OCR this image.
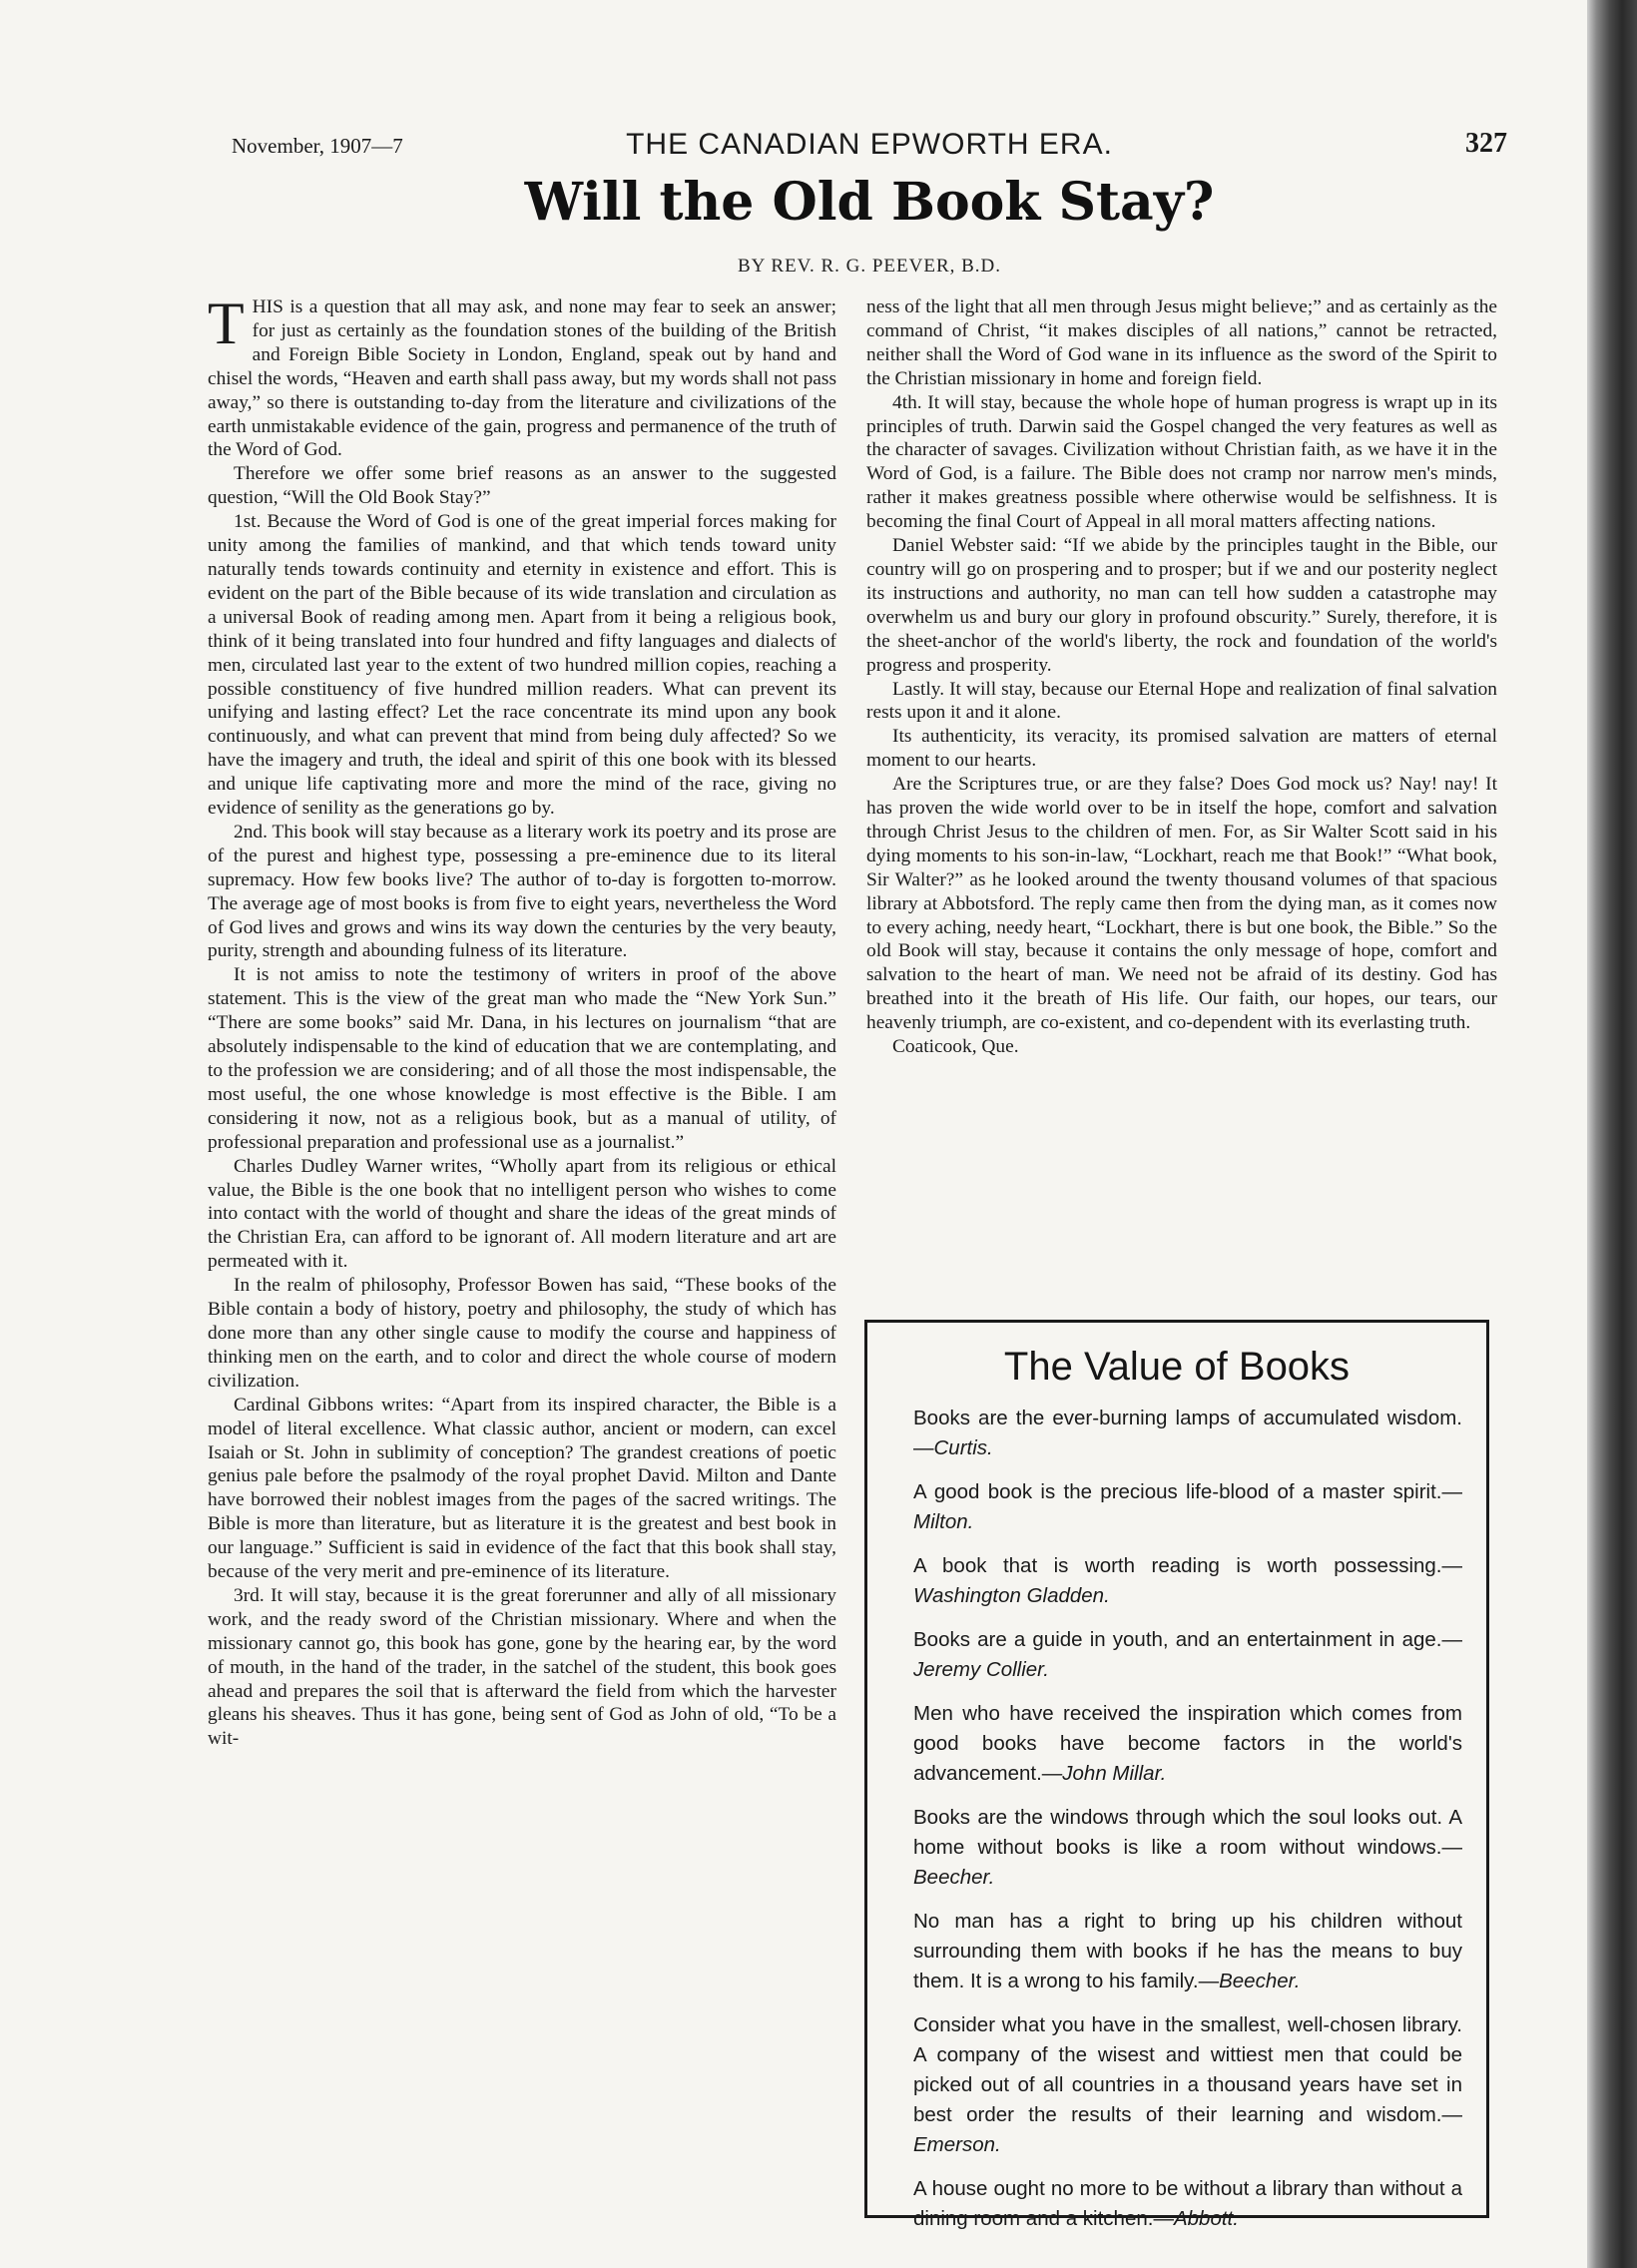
November, 1907—7	THE CANADIAN EPWORTH ERA.	327
Will the Old Book Stay?
BY REV. R. G. PEEVER, B.D.

THIS is a question that all may ask, and none may fear to seek an answer; for just as certainly as the foundation stones of the building of the British and Foreign Bible Society in London, England, speak out by hand and chisel the words, “Heaven and earth shall pass away, but my words shall not pass away,” so there is outstanding to-day from the literature and civilizations of the earth unmistakable evidence of the gain, progress and permanence of the truth of the Word of God.

Therefore we offer some brief reasons as an answer to the suggested question, “Will the Old Book Stay?”

1st. Because the Word of God is one of the great imperial forces making for unity among the families of mankind, and that which tends toward unity naturally tends towards continuity and eternity in existence and effort. This is evident on the part of the Bible because of its wide translation and circulation as a universal Book of reading among men. Apart from it being a religious book, think of it being translated into four hundred and fifty languages and dialects of men, circulated last year to the extent of two hundred million copies, reaching a possible constituency of five hundred million readers. What can prevent its unifying and lasting effect? Let the race concentrate its mind upon any book continuously, and what can prevent that mind from being duly affected? So we have the imagery and truth, the ideal and spirit of this one book with its blessed and unique life captivating more and more the mind of the race, giving no evidence of senility as the generations go by.

2nd. This book will stay because as a literary work its poetry and its prose are of the purest and highest type, possessing a pre-eminence due to its literal supremacy. How few books live? The author of to-day is forgotten to-morrow. The average age of most books is from five to eight years, nevertheless the Word of God lives and grows and wins its way down the centuries by the very beauty, purity, strength and abounding fulness of its literature.

It is not amiss to note the testimony of writers in proof of the above statement. This is the view of the great man who made the “New York Sun.” “There are some books” said Mr. Dana, in his lectures on journalism “that are absolutely indispensable to the kind of education that we are contemplating, and to the profession we are considering; and of all those the most indispensable, the most useful, the one whose knowledge is most effective is the Bible. I am considering it now, not as a religious book, but as a manual of utility, of professional preparation and professional use as a journalist.”

Charles Dudley Warner writes, “Wholly apart from its religious or ethical value, the Bible is the one book that no intelligent person who wishes to come into contact with the world of thought and share the ideas of the great minds of the Christian Era, can afford to be ignorant of. All modern literature and art are permeated with it.

In the realm of philosophy, Professor Bowen has said, “These books of the Bible contain a body of history, poetry and philosophy, the study of which has done more than any other single cause to modify the course and happiness of thinking men on the earth, and to color and direct the whole course of modern civilization.

Cardinal Gibbons writes: “Apart from its inspired character, the Bible is a model of literal excellence. What classic author, ancient or modern, can excel Isaiah or St. John in sublimity of conception? The grandest creations of poetic genius pale before the psalmody of the royal prophet David. Milton and Dante have borrowed their noblest images from the pages of the sacred writings. The Bible is more than literature, but as literature it is the greatest and best book in our language.” Sufficient is said in evidence of the fact that this book shall stay, because of the very merit and pre-eminence of its literature.

3rd. It will stay, because it is the great forerunner and ally of all missionary work, and the ready sword of the Christian missionary. Where and when the missionary cannot go, this book has gone, gone by the hearing ear, by the word of mouth, in the hand of the trader, in the satchel of the student, this book goes ahead and prepares the soil that is afterward the field from which the harvester gleans his sheaves. Thus it has gone, being sent of God as John of old, “To be a wit-

ness of the light that all men through Jesus might believe;” and as certainly as the command of Christ, “it makes disciples of all nations,” cannot be retracted, neither shall the Word of God wane in its influence as the sword of the Spirit to the Christian missionary in home and foreign field.

4th. It will stay, because the whole hope of human progress is wrapt up in its principles of truth. Darwin said the Gospel changed the very features as well as the character of savages. Civilization without Christian faith, as we have it in the Word of God, is a failure. The Bible does not cramp nor narrow men's minds, rather it makes greatness possible where otherwise would be selfishness. It is becoming the final Court of Appeal in all moral matters affecting nations.

Daniel Webster said: “If we abide by the principles taught in the Bible, our country will go on prospering and to prosper; but if we and our posterity neglect its instructions and authority, no man can tell how sudden a catastrophe may overwhelm us and bury our glory in profound obscurity.” Surely, therefore, it is the sheet-anchor of the world's liberty, the rock and foundation of the world's progress and prosperity.

Lastly. It will stay, because our Eternal Hope and realization of final salvation rests upon it and it alone.

Its authenticity, its veracity, its promised salvation are matters of eternal moment to our hearts.

Are the Scriptures true, or are they false? Does God mock us? Nay! nay! It has proven the wide world over to be in itself the hope, comfort and salvation through Christ Jesus to the children of men. For, as Sir Walter Scott said in his dying moments to his son-in-law, “Lockhart, reach me that Book!” “What book, Sir Walter?” as he looked around the twenty thousand volumes of that spacious library at Abbotsford. The reply came then from the dying man, as it comes now to every aching, needy heart, “Lockhart, there is but one book, the Bible.” So the old Book will stay, because it contains the only message of hope, comfort and salvation to the heart of man. We need not be afraid of its destiny. God has breathed into it the breath of His life. Our faith, our hopes, our tears, our heavenly triumph, are co-existent, and co-dependent with its everlasting truth.

Coaticook, Que.

The Value of Books

Books are the ever-burning lamps of accumulated wisdom.—Curtis.

A good book is the precious life-blood of a master spirit.—Milton.

A book that is worth reading is worth possessing.—Washington Gladden.

Books are a guide in youth, and an entertainment in age.—Jeremy Collier.

Men who have received the inspiration which comes from good books have become factors in the world's advancement.—John Millar.

Books are the windows through which the soul looks out. A home without books is like a room without windows.—Beecher.

No man has a right to bring up his children without surrounding them with books if he has the means to buy them. It is a wrong to his family.—Beecher.

Consider what you have in the smallest, well-chosen library. A company of the wisest and wittiest men that could be picked out of all countries in a thousand years have set in best order the results of their learning and wisdom.—Emerson.

A house ought no more to be without a library than without a dining room and a kitchen.—Abbott.
